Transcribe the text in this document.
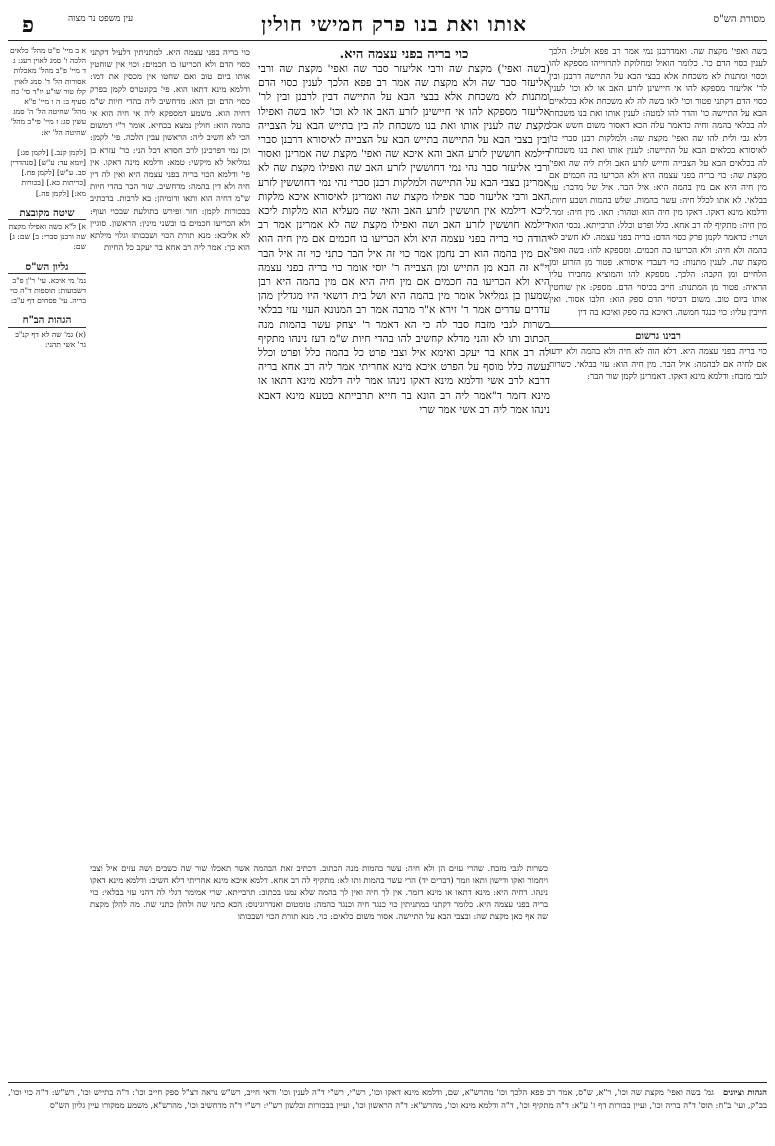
מסורת הש"ס
אותו ואת בנו פרק חמישי חולין
עין משפט נר מצוה
פ
כוי בריה בפני עצמה היא.
(בשה ואפי') מקצת שה ורבי אליעזר סבר שה ואפי' מקצת שה ורבי אליעזר סבר שה ולא מקצת שה אמר רב פפא הלכך לענין כסוי הדם ומתנות לא משכחת אלא בבצי הבא על התיישה דבין לרבנן ובין לר' אליעזר מספקא להו אי חיישינן לזרע האב או לא וכו' לאו בשה ואפילו מקצת שה לענין אותו ואת בנו משכחת לה בין בתייש הבא על הצבייה ובין בצבי הבא על התיישה בתייש הבא על הצבייה לאיסורא דרבנן סברי דילמא חוששין לזרע האב והא איכא שה ואפי' מקצת שה אמרינן ואסור ורבי אליעזר סבר נהי נמי דחוששין לזרע האב שה ואפילו מקצת שה לא אמרינן בצבי הבא על התיישה ולמלקות רבנן סברי נהי נמי דחוששין לזרע האב ורבי אליעזר סבר אפילו מקצת שה ואמרינן לאיסורא איכא מלקות ליכא דילמא אין חוששין לזרע האב והאי שה מעליא הוא מלקות ליכא דילמא חוששין לזרע האב ושה ואפילו מקצת שה לא אמרינן אמר רב יהודה כוי בריה בפני עצמה היא ולא הכריעו בו חכמים אם מין חיה הוא אם מין בהמה הוא רב נחמן אמר כוי זה איל הבר כתני כוי זה איל הבר וי"א זה הבא מן התייש ומן הצבייה ר' יוסי אומר כוי בריה בפני עצמה היא ולא הכריעו בה חכמים אם מין חיה היא אם מין בהמה היא רבן שמעון בן גמליאל אומר מין בהמה היא ושל בית דושאי היו מגדלין מהן עדרים עדרים אמר ר' זירא א"ר מרבה אמר רב המנונא העזי עזי בבלאי כשרות לגבי מזבח סבר לה כי הא דאמר ר' יצחק עשר בהמות מנה הכתוב ותו לא והני מדלא קחשיב להו בהדי חיות ש"מ דעז נינהו מתקיף לה רב אחא בר יעקב ואימא איל וצבי פרט כל בהמה כלל ופרט וכלל נעשה כלל מוסף על הפרט איכא מינא אחריתי אמר ליה רב אחא בריה דרבא לרב אשי ודלמא מינא דאקו נינהו אמר ליה דלמא מינא דתאו או מינא דזמר ד"אמר ליה רב הונא בר חייא תרבייתא בטעא מינא דאבא נינהו אמר ליה רב אשי אמר שרי
בשה ואפי' מקצת שה. ואמדרבנן נמי אמר רב פפא ולעיל: הלכך לענין כסוי הדם כו'. כלומר הואיל ומחלוקת לתרווייהו מספקא להו וכסוי ומתנות לא משכחת אלא בבצי הבא על התיישה דרבנן ובין לר' אליעזר מספקא להו אי חיישינן לזרע האב או לא וכו' לענין כסוי הדם דקתני פטור וכו' לאו בשה לה לא משכחת אלא בכלאיים הבא על התיישה כו' והדר להו למטה: לענין אותו ואת בנו משכחת לה בכלאי בהמה וחיה כדאמר עלה הכא דאסור משום חשש אבל דלא גבי ולית להו שה ואפי' מקצת שה: ולמלקות רבנן סברי כו' לאיסורא בכלאים הבא על התיישה: לענין אותו ואת בנו משכחת לה בכלאים הבא על הצבייה וחייש לזרע האב ולית ליה שה ואפי' מקצת שה: כוי בריה בפני עצמה היא ולא הכריעו בה חכמים אם מין חיה היא אם מין בהמה היא: איל הבר. איל של מדבר: עזי בבלאי. לא אתו לכלל חיה: עשר בהמות. שלש בהמות ושבע חיות: ודלמא מינא דאקו. דאקו מין חיה הוא וטהור: תאו. מין חיה: זמר. מין חיה: מתקיף לה רב אחא. כלל ופרט וכלל: תרבייתא. נכסי הואי ושרי: כדאמר לקמן פרק כסוי הדם: בריה בפני עצמה. לא חשיב לא בהמה ולא חיה: ולא הכריעו בה חכמים. ומספקא להו: בשה ואפי' מקצת שה. לענין מתנות: כוי דעבדי איסורא. פטור מן הזרוע ומן הלחיים ומן הקבה: הלכך. מספקא להו והמוציא מחבירו עליו הראיה: פטור מן המתנות: חייב בכיסוי הדם. מספק: אין שוחטין אותו ביום טוב. משום דכיסוי הדם ספק הוא: חלבו אסור. ואין חייבין עליו: כוי כנגד חמשה. דאיכא בה ספק ואיכא בה דין
רבינו גרשום
כוי בריה בפני עצמה היא. דלא הוה לא חיה ולא בהמה ולא ידעו אם לחיה אם לבהמה: איל הבר. מין חיה הוא: עזי בבלאי. כשרות לגבי מזבח: ודלמא מינא דאקו. דאמרינן לקמן שור הבר:
כוי בריה בפני עצמה היא. למתניתין דלעיל דקתני כסוי הדם ולא הכריעו בו חכמים: וכוי אין שוחטין אותו ביום טוב ואם שחטו אין מכסין את דמו: ודלמא מינא דתאו הוא. פי' בקונטרס לקמן בפרק כסוי הדם וכן הוא: מדחשיב ליה בהדי חיות ש"מ דחיה הוא. משמע דמספקא ליה אי חיה הוא אי בהמה הוא: חולין נמצא בכחיא. אומר ר"י דמשום הכי לא חשיב ליה: הראשון עבין הלכה. פי' לקמן: וכן נמי דפרכינן לרב חסדא דכל הני: כר' עזרא בן גמליאל לא מיקשי: טמא: ודלמא מינה דאקו. אין פי' ודלמא הכוי בריה בפני עצמה היא ואין לה דין חיה ולא דין בהמה: מדחשיב. שור הבר בהדי חיות ש"מ דחיה הוא ותאו ודומיהן: בא לרבות. בדכתיב בבכורות לקמן: חזר ופירש בתולעת שבכוי ועוף: ולא הכריעו חכמים בו ובשני מינין: הראשון. סוגיין לא אליבא: מנא תורת הכוי ושבכותו וגלוי מילתא הוא כך: אמר ליה רב אחא בר יעקב כל החיות
כשרות לגבי מזבח. שהרי עזים הן ולא חיה: עשר בהמות מנה הכתוב. דכתיב זאת הבהמה אשר תאכלו שור שה כשבים ושה עזים איל וצבי ויחמור ואקו ודישון ותאו וזמר (דברים יד) הרי עשר בהמות ותו לא: מתקיף לה רב אחא. דלמא איכא מינא אחריתי דלא חשיב: ודלמא מינא דאקו נינהו. דחיה היא: מינא דתאו או מינא דזמר. אין לך חיה ואין לך בהמה שלא נמנו בכתוב: תרבייתא. שרי אמימר דגלי לה דהני עזי בבלאי: כוי בריה בפני עצמה היא. כלומר דקתני במתניתין כוי כנגד חיה וכנגד בהמה: טומטום ואנדרוגינוס: הכא כתני שה ולהלן כתני שה. מה להלן מקצת שה אף כאן מקצת שה: ובצבי הבא על התיישה. אסור משום כלאים: כוי. מנא תורת הכוי ושבכותו
א ב מיי' פ"ט מהל' כלאים הלכה ו' סמג לאוין רעג: ג ד מיי' פ"ב מהל' מאכלות אסורות הל' ד' סמג לאוין קלז טור שו"ע יו"ד סי' כח סעיף ב: ה ו מיי' פ"א מהל' שחיטה הל' ה' סמג עשין סג: ז מיי' פי"ב מהל' שחיטה הל' יא:
[לקמן קנב.] [לקמן פג:] [יומא עד: ע"ש] [סנהדרין סב. ע"ש] [לקמן פח.] [כריתות כא.] [בכורות מא:] [לקמן פה.]
שיטה מקובצת
א] ל"א בשה ואפילו מקצת שה ורבנן סברי: ב] שם: ג] שם:
גליון הש"ס
גמ' מי איכא. עי' ר"ן פ"ב דשבועות: תוספות ד"ה כוי בריה. עי' פסחים דף ע"ב:
הגהות הב"ח
(א) גמ' שה לא דף קנ"ב גר' אשי תהני:
הגהות וציונים גמ' בשה ואפי' מקצת שה וכו', ר"א, ש"ס, אמר רב פפא הלכך וכו' מהרש"א, שם, ודלמא מינא דאקו וכו', רש"י, רש"י ד"ה לענין וכו' ודאי חייב, רש"ש נראה דצ"ל ספק חייב וכו': ד"ה בתייש וכו', רש"ש: ד"ה כוי וכו', בב"ק, ועי' ב"ח: תוס' ד"ה בריה וכו', ועיין בכורות דף ז' ע"א: ד"ה מתקיף וכו', ד"ה ודלמא מינא וכו', מהרש"א: ד"ה הראשון וכו', ועיין בבכורות ובלשון רש"י: רש"י ד"ה מדחשיב וכו', מהרש"א, משמע ממקורו עיין גליון הש"ס
